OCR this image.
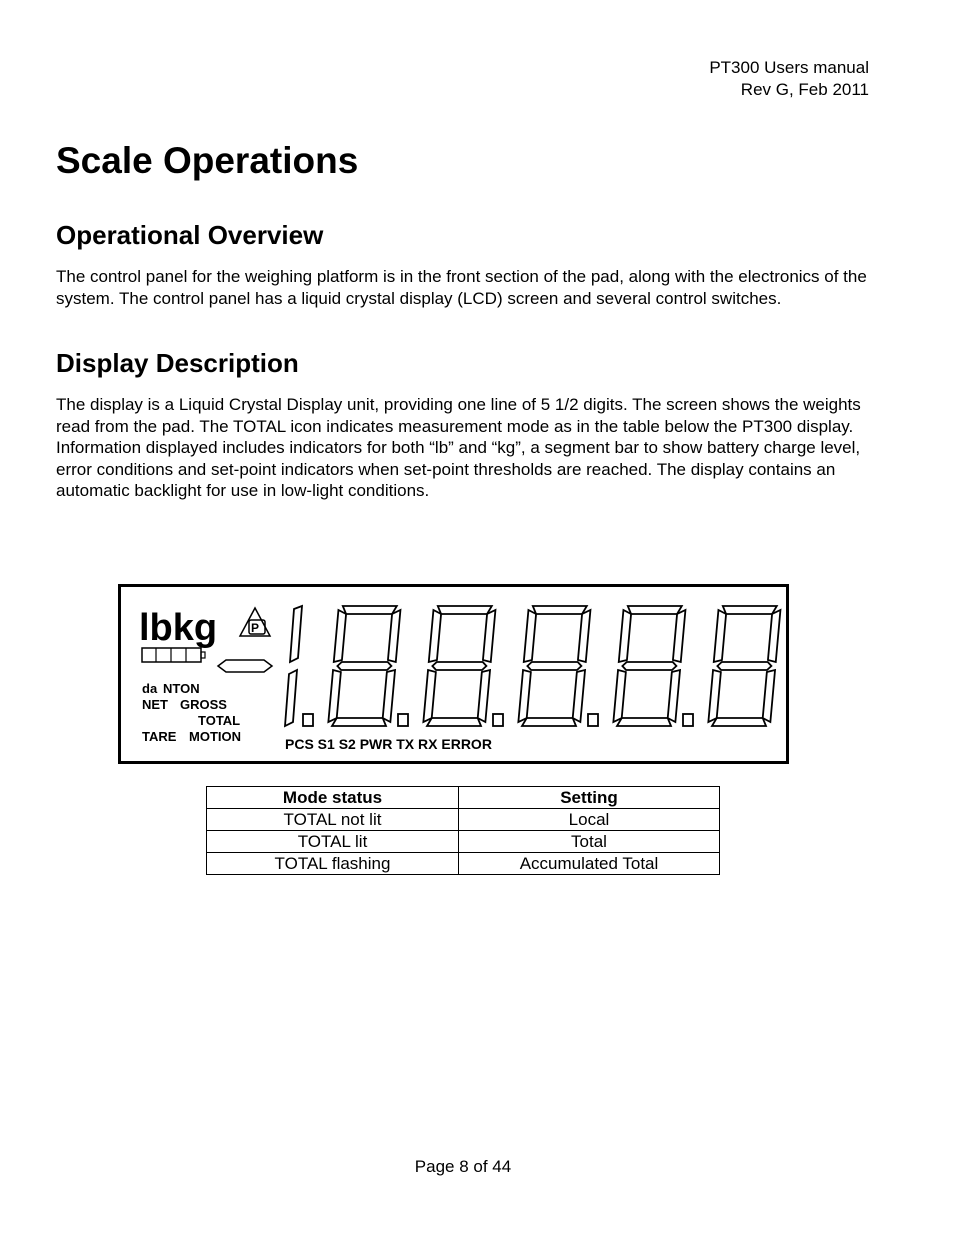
PT300 Users manual
Rev G, Feb 2011
Scale Operations
Operational Overview

The control panel for the weighing platform is in the front section of the pad, along with the electronics of the system. The control panel has a liquid crystal display (LCD) screen and several control switches.

Display Description

The display is a Liquid Crystal Display unit, providing one line of 5 1/2 digits. The screen shows the weights read from the pad. The TOTAL icon indicates measurement mode as in the table below the PT300 display. Information displayed includes indicators for both “lb” and “kg”, a segment bar to show battery charge level, error conditions and set-point indicators when set-point thresholds are reached. The display contains an automatic backlight for use in low-light conditions.

lbkg	P
da NTON
NET GROSS
TOTAL
TARE MOTION	PCS S1 S2 PWR TX RX ERROR
Mode status	Setting
TOTAL not lit	Local
TOTAL lit	Total
TOTAL flashing	Accumulated Total
Page 8 of 44
